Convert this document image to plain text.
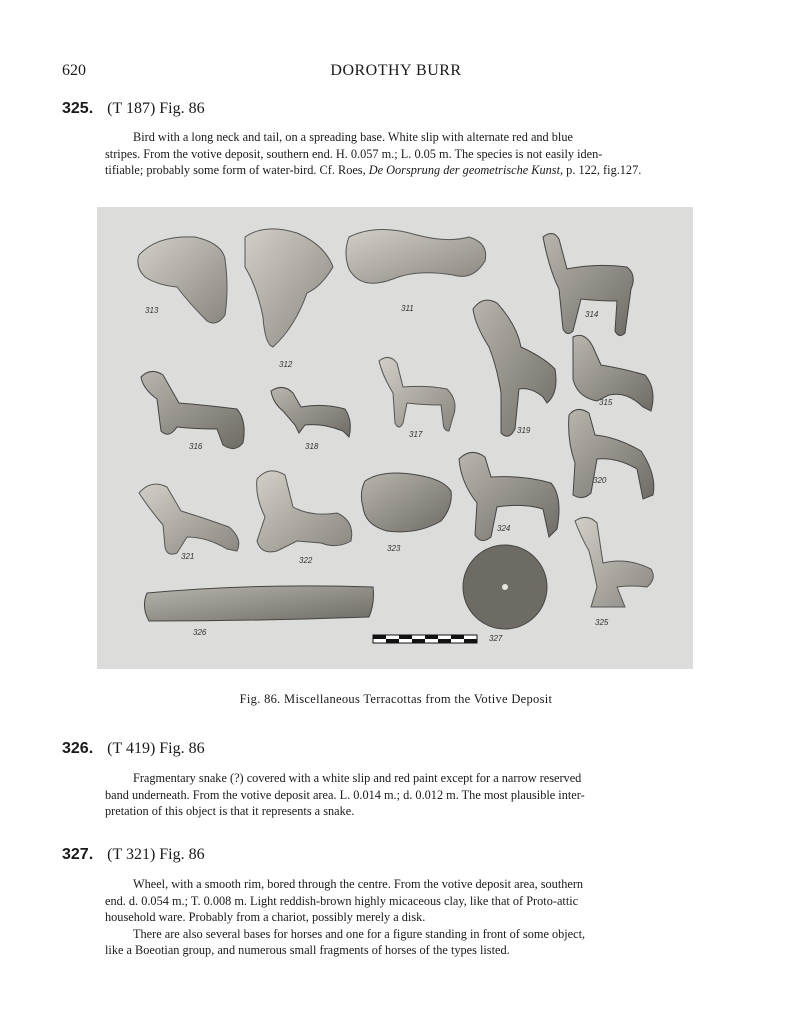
620	DOROTHY BURR
325. (T 187) Fig. 86
Bird with a long neck and tail, on a spreading base. White slip with alternate red and blue
stripes. From the votive deposit, southern end. H. 0.057 m.; L. 0.05 m. The species is not easily iden-
tifiable; probably some form of water-bird. Cf. Roes, De Oorsprung der geometrische Kunst, p. 122, fig.127.
313
312
311
314
316	318
317	319
315
320
321	322
323
324
326
327
325
Fig. 86. Miscellaneous Terracottas from the Votive Deposit
326. (T 419) Fig. 86
Fragmentary snake (?) covered with a white slip and red paint except for a narrow reserved
band underneath. From the votive deposit area. L. 0.014 m.; d. 0.012 m. The most plausible inter-
pretation of this object is that it represents a snake.
327. (T 321) Fig. 86
Wheel, with a smooth rim, bored through the centre. From the votive deposit area, southern
end. d. 0.054 m.; T. 0.008 m. Light reddish-brown highly micaceous clay, like that of Proto-attic
household ware. Probably from a chariot, possibly merely a disk.
There are also several bases for horses and one for a figure standing in front of some object,
like a Boeotian group, and numerous small fragments of horses of the types listed.
